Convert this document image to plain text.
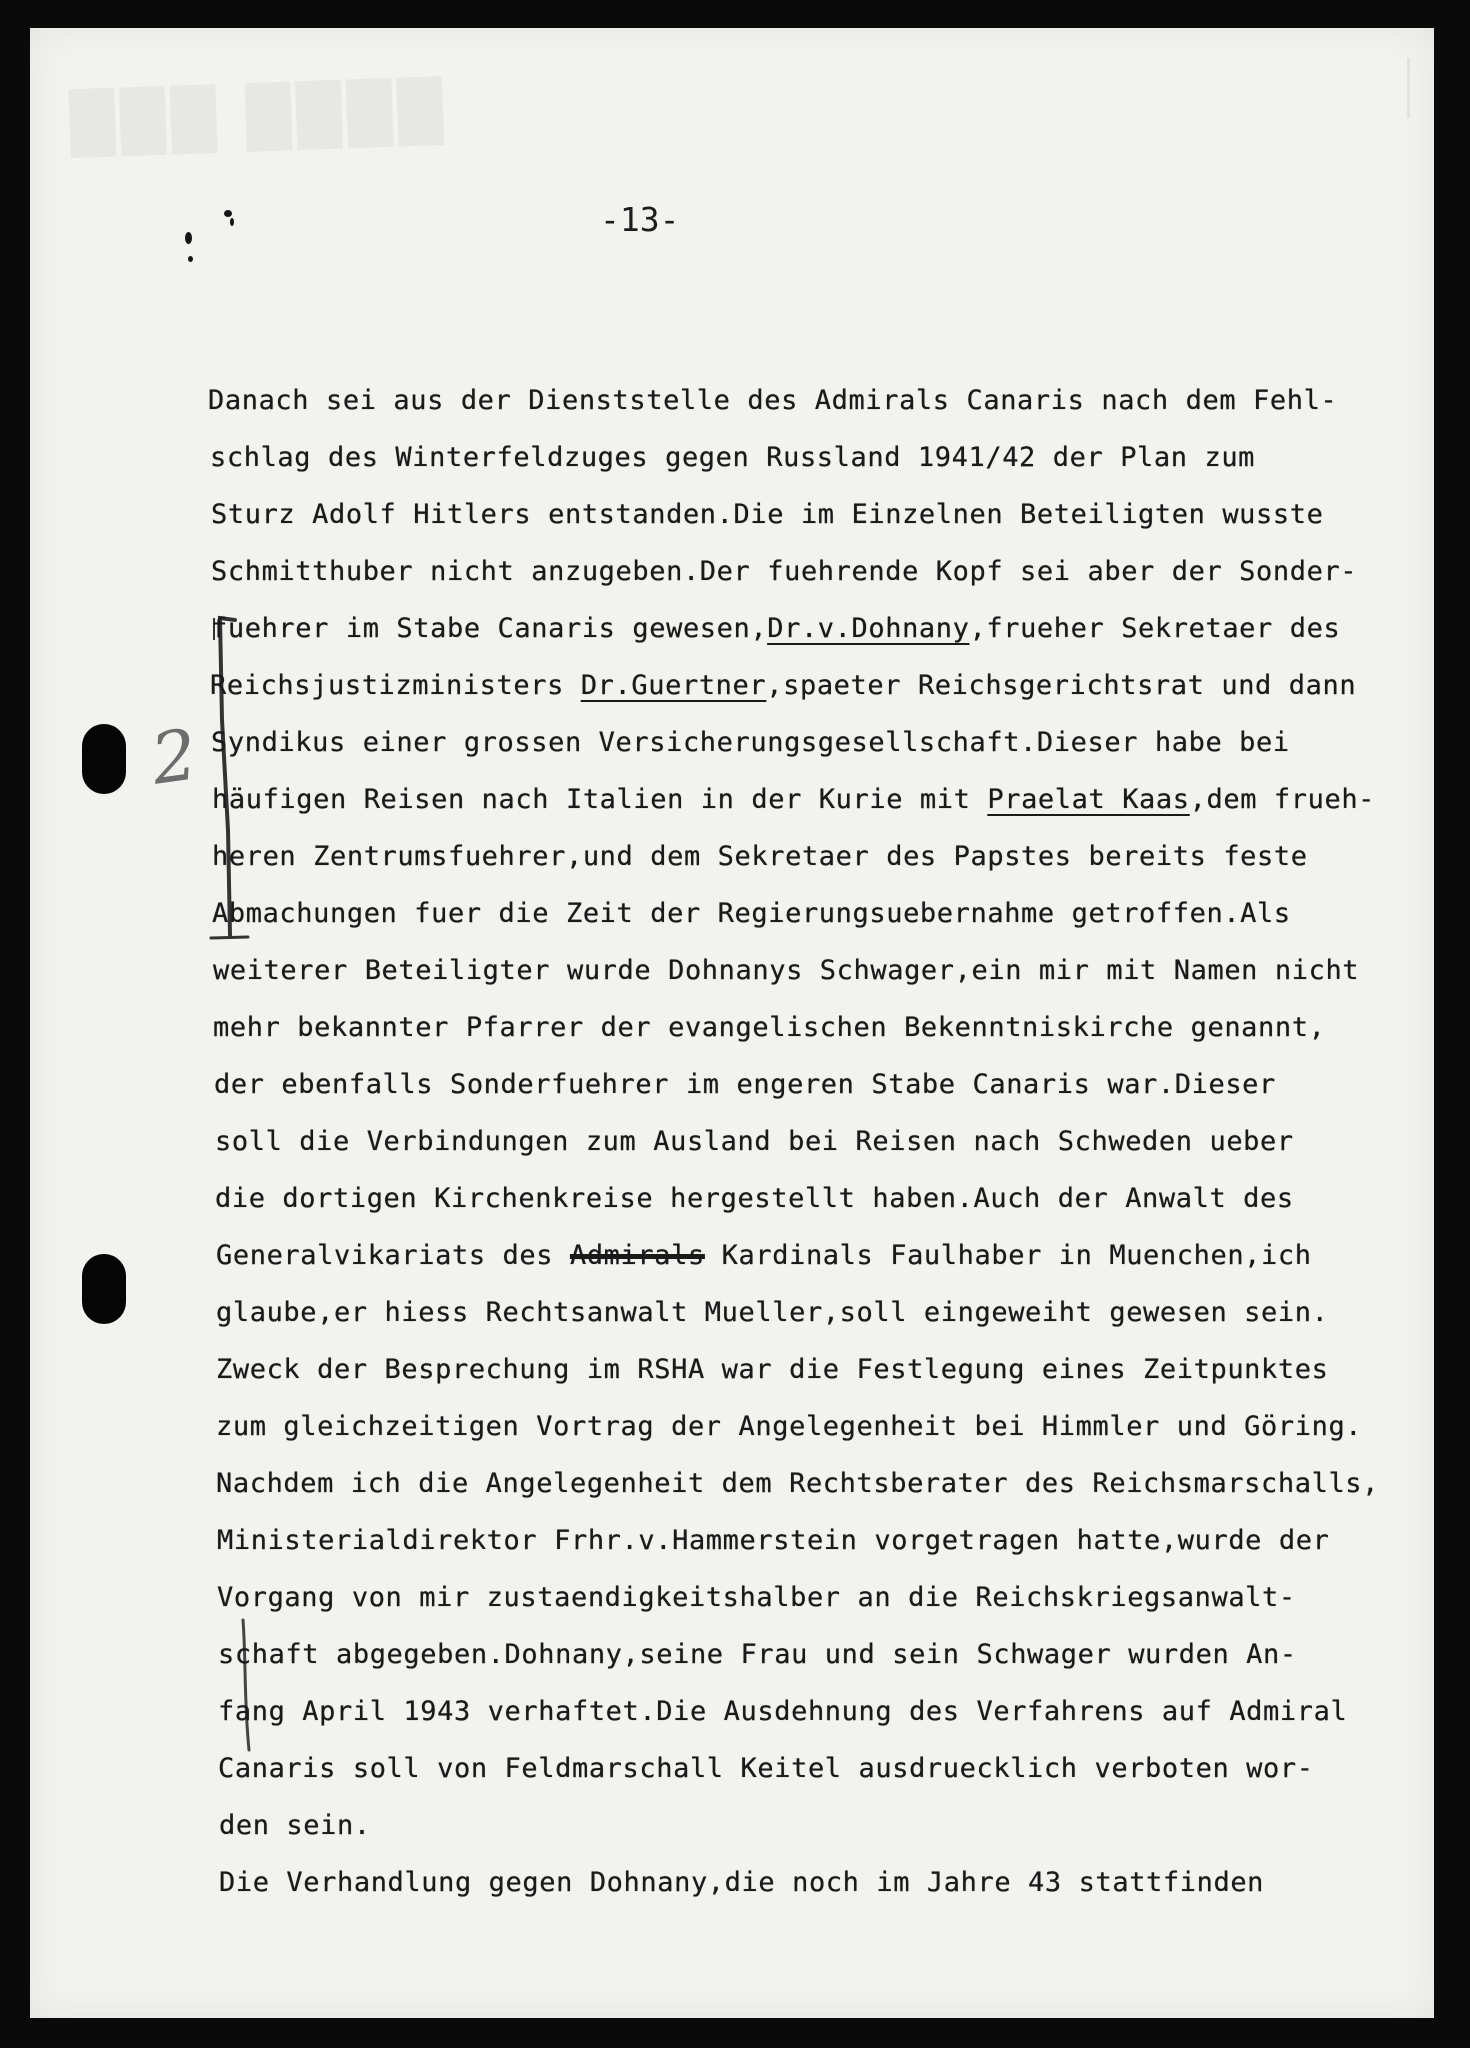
-13-
2
Danach sei aus der Dienststelle des Admirals Canaris nach dem Fehl-
schlag des Winterfeldzuges gegen Russland 1941/42 der Plan zum
Sturz Adolf Hitlers entstanden.Die im Einzelnen Beteiligten wusste
Schmitthuber nicht anzugeben.Der fuehrende Kopf sei aber der Sonder-
fuehrer im Stabe Canaris gewesen,Dr.v.Dohnany,frueher Sekretaer des
Reichsjustizministers Dr.Guertner,spaeter Reichsgerichtsrat und dann
Syndikus einer grossen Versicherungsgesellschaft.Dieser habe bei
häufigen Reisen nach Italien in der Kurie mit Praelat Kaas,dem frueh-
heren Zentrumsfuehrer,und dem Sekretaer des Papstes bereits feste
Abmachungen fuer die Zeit der Regierungsuebernahme getroffen.Als
weiterer Beteiligter wurde Dohnanys Schwager,ein mir mit Namen nicht
mehr bekannter Pfarrer der evangelischen Bekenntniskirche genannt,
der ebenfalls Sonderfuehrer im engeren Stabe Canaris war.Dieser
soll die Verbindungen zum Ausland bei Reisen nach Schweden ueber
die dortigen Kirchenkreise hergestellt haben.Auch der Anwalt des
Generalvikariats des Admirals Kardinals Faulhaber in Muenchen,ich
glaube,er hiess Rechtsanwalt Mueller,soll eingeweiht gewesen sein.
Zweck der Besprechung im RSHA war die Festlegung eines Zeitpunktes
zum gleichzeitigen Vortrag der Angelegenheit bei Himmler und Göring.
Nachdem ich die Angelegenheit dem Rechtsberater des Reichsmarschalls,
Ministerialdirektor Frhr.v.Hammerstein vorgetragen hatte,wurde der
Vorgang von mir zustaendigkeitshalber an die Reichskriegsanwalt-
schaft abgegeben.Dohnany,seine Frau und sein Schwager wurden An-
fang April 1943 verhaftet.Die Ausdehnung des Verfahrens auf Admiral
Canaris soll von Feldmarschall Keitel ausdruecklich verboten wor-
den sein.
Die Verhandlung gegen Dohnany,die noch im Jahre 43 stattfinden
